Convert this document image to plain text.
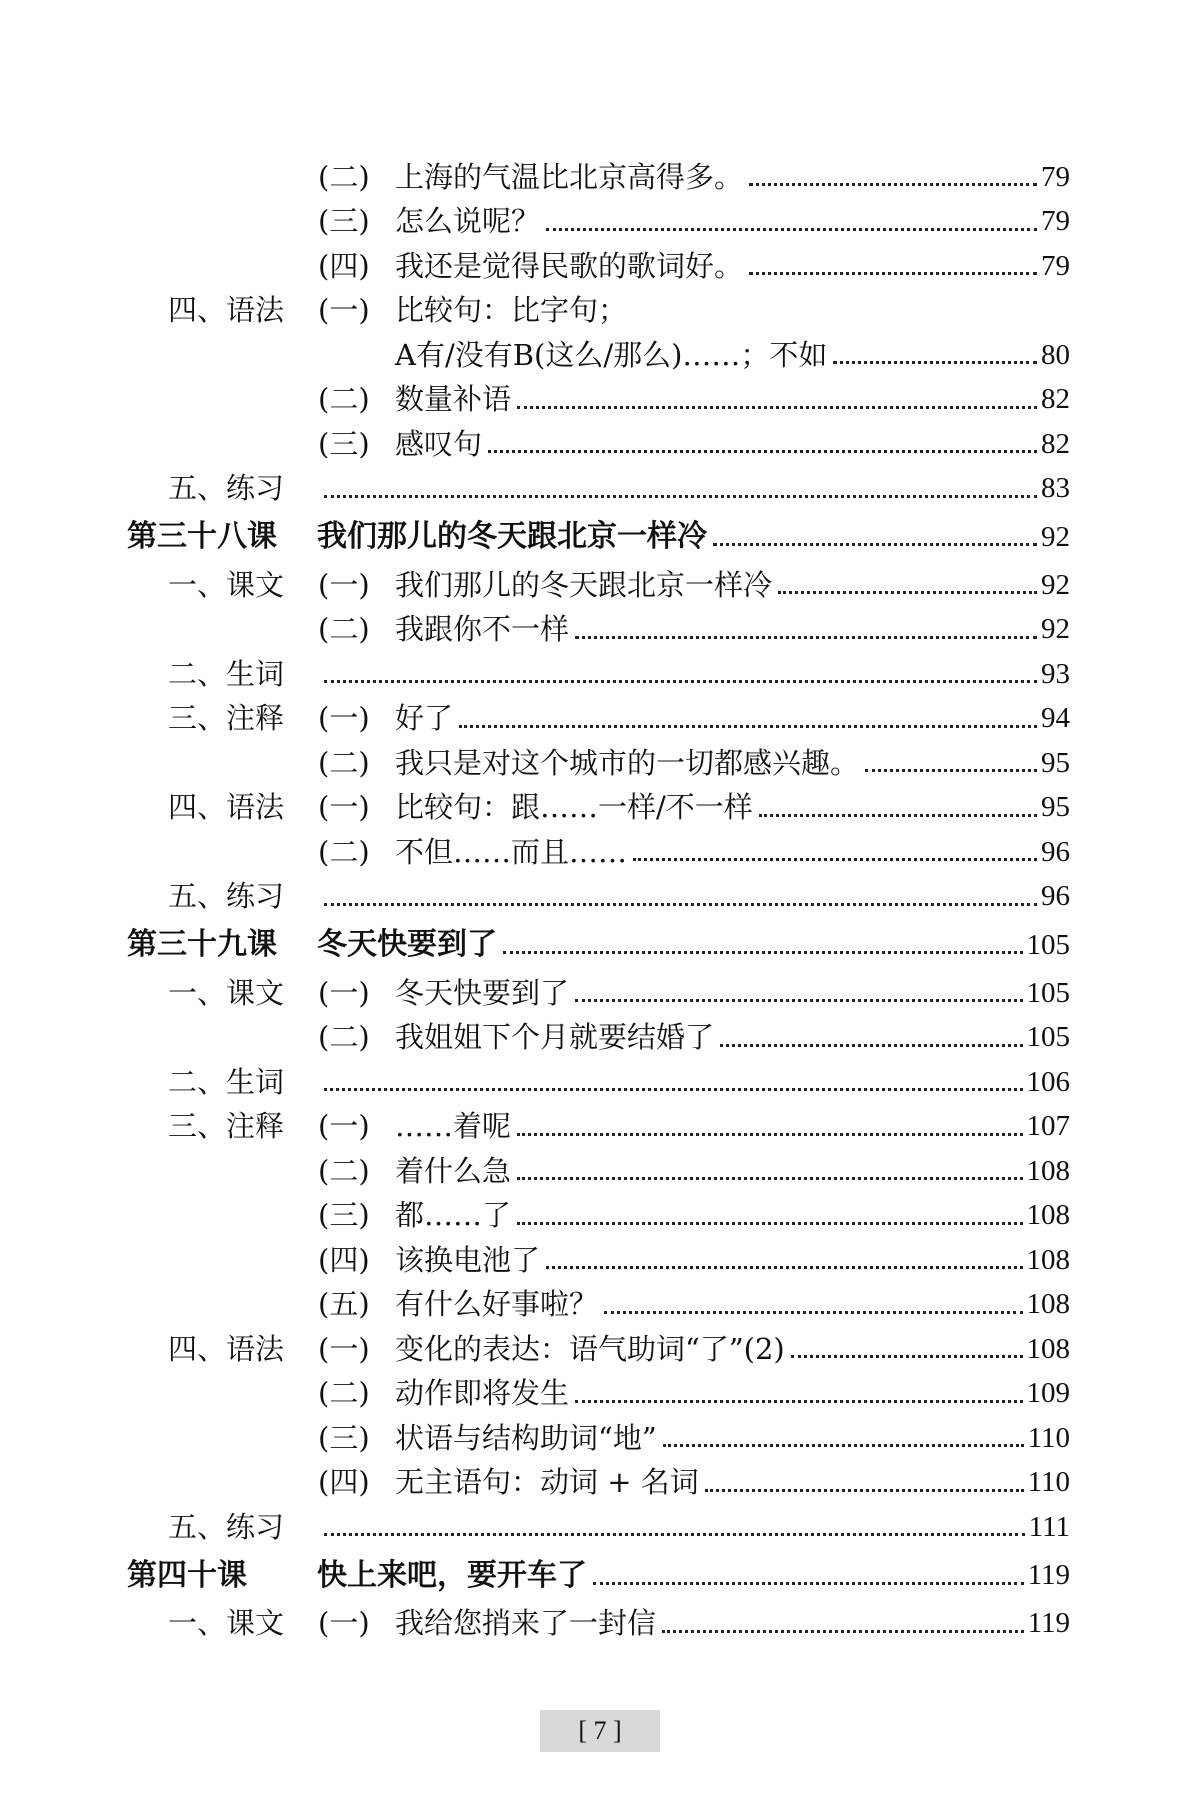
(二) 上海的气温比北京高得多。	79
(三) 怎么说呢？	79
(四) 我还是觉得民歌的歌词好。	79
四、语法	(一) 比较句：比字句；
A有/没有B(这么/那么)……；不如	80
(二) 数量补语	82
(三) 感叹句	82
五、练习	83
第三十八课	我们那儿的冬天跟北京一样冷	92
一、课文	(一) 我们那儿的冬天跟北京一样冷	92
(二) 我跟你不一样	92
二、生词	93
三、注释	(一) 好了	94
(二) 我只是对这个城市的一切都感兴趣。	95
四、语法	(一) 比较句：跟……一样/不一样	95
(二) 不但……而且……	96
五、练习	96
第三十九课	冬天快要到了	105
一、课文	(一) 冬天快要到了	105
(二) 我姐姐下个月就要结婚了	105
二、生词	106
三、注释	(一) ……着呢	107
(二) 着什么急	108
(三) 都……了	108
(四) 该换电池了	108
(五) 有什么好事啦？	108
四、语法	(一) 变化的表达：语气助词“了”(2)	108
(二) 动作即将发生	109
(三) 状语与结构助词“地”	110
(四) 无主语句：动词 + 名词	110
五、练习	111
第四十课	快上来吧，要开车了	119
一、课文	(一) 我给您捎来了一封信	119
[ 7 ]
